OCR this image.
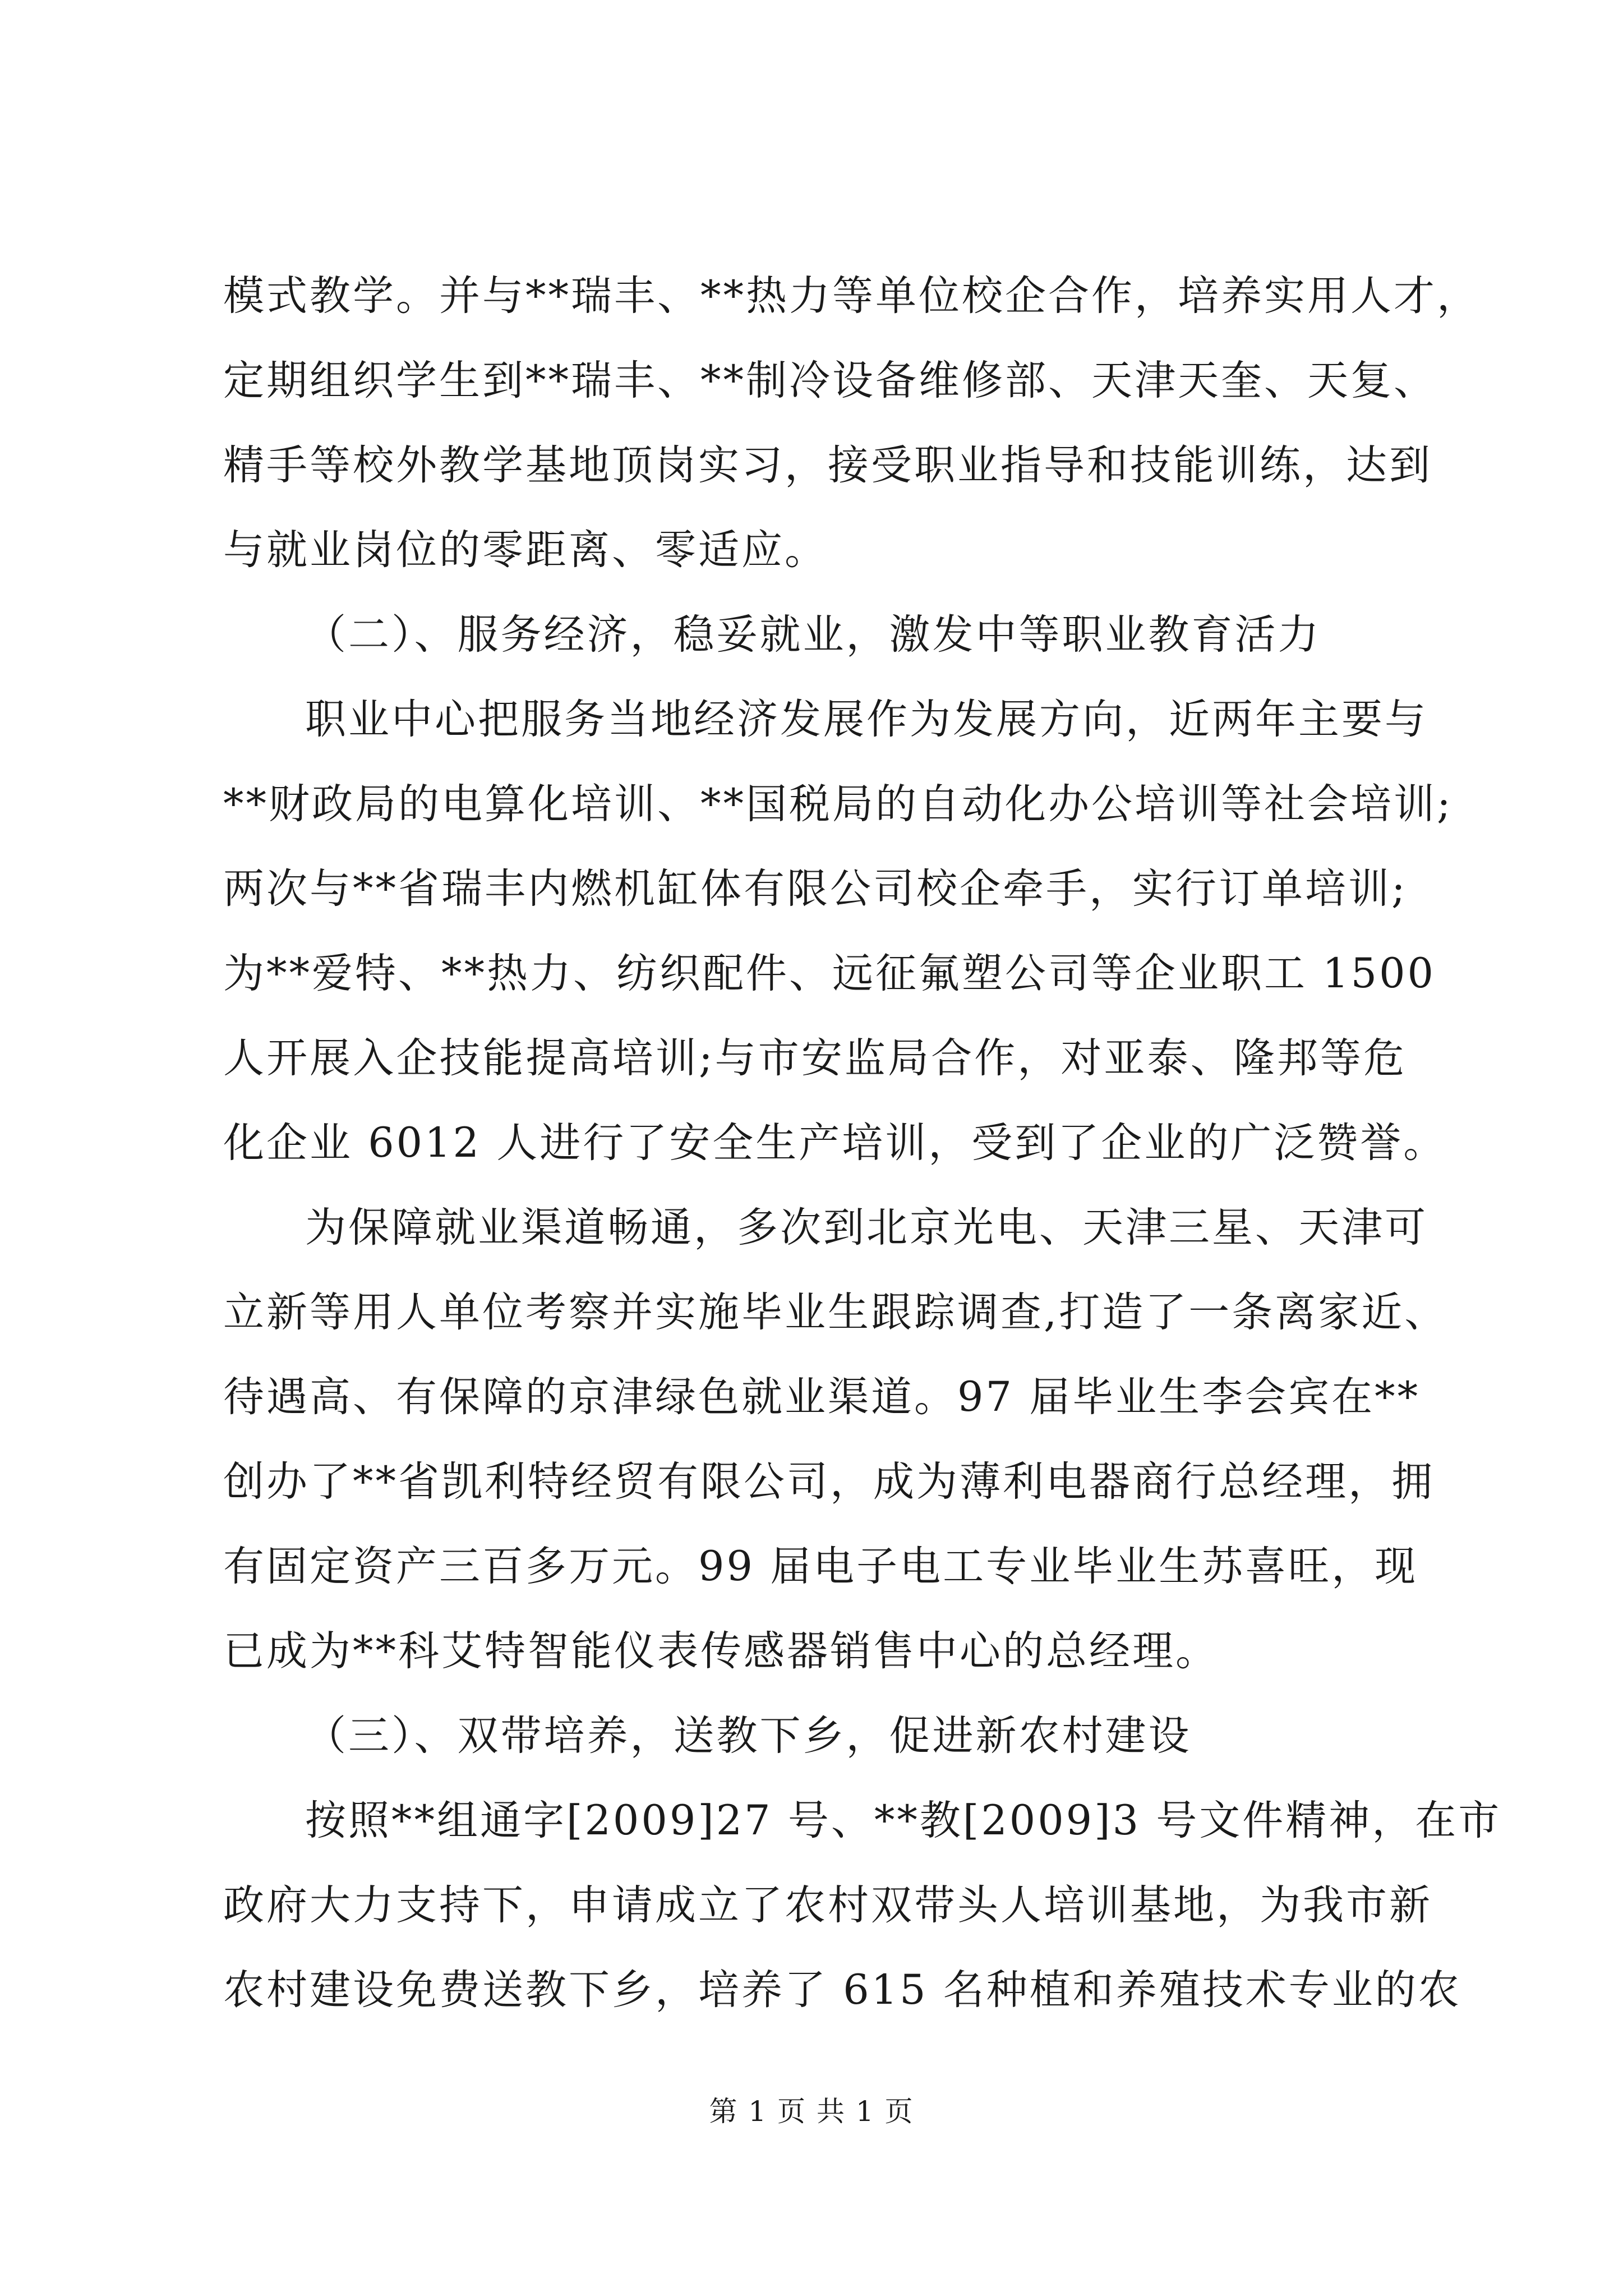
模式教学。并与**瑞丰、**热力等单位校企合作，培养实用人才，
定期组织学生到**瑞丰、**制冷设备维修部、天津天奎、天复、
精手等校外教学基地顶岗实习，接受职业指导和技能训练，达到
与就业岗位的零距离、零适应。
（二）、服务经济，稳妥就业，激发中等职业教育活力
职业中心把服务当地经济发展作为发展方向，近两年主要与
**财政局的电算化培训、**国税局的自动化办公培训等社会培训;
两次与**省瑞丰内燃机缸体有限公司校企牵手，实行订单培训;
为**爱特、**热力、纺织配件、远征氟塑公司等企业职工 1500
人开展入企技能提高培训;与市安监局合作，对亚泰、隆邦等危
化企业 6012 人进行了安全生产培训，受到了企业的广泛赞誉。
为保障就业渠道畅通，多次到北京光电、天津三星、天津可
立新等用人单位考察并实施毕业生跟踪调查,打造了一条离家近、
待遇高、有保障的京津绿色就业渠道。97 届毕业生李会宾在**
创办了**省凯利特经贸有限公司，成为薄利电器商行总经理，拥
有固定资产三百多万元。99 届电子电工专业毕业生苏喜旺，现
已成为**科艾特智能仪表传感器销售中心的总经理。
（三）、双带培养，送教下乡，促进新农村建设
按照**组通字[2009]27 号、**教[2009]3 号文件精神，在市
政府大力支持下，申请成立了农村双带头人培训基地，为我市新
农村建设免费送教下乡，培养了 615 名种植和养殖技术专业的农
第 1 页 共 1 页
